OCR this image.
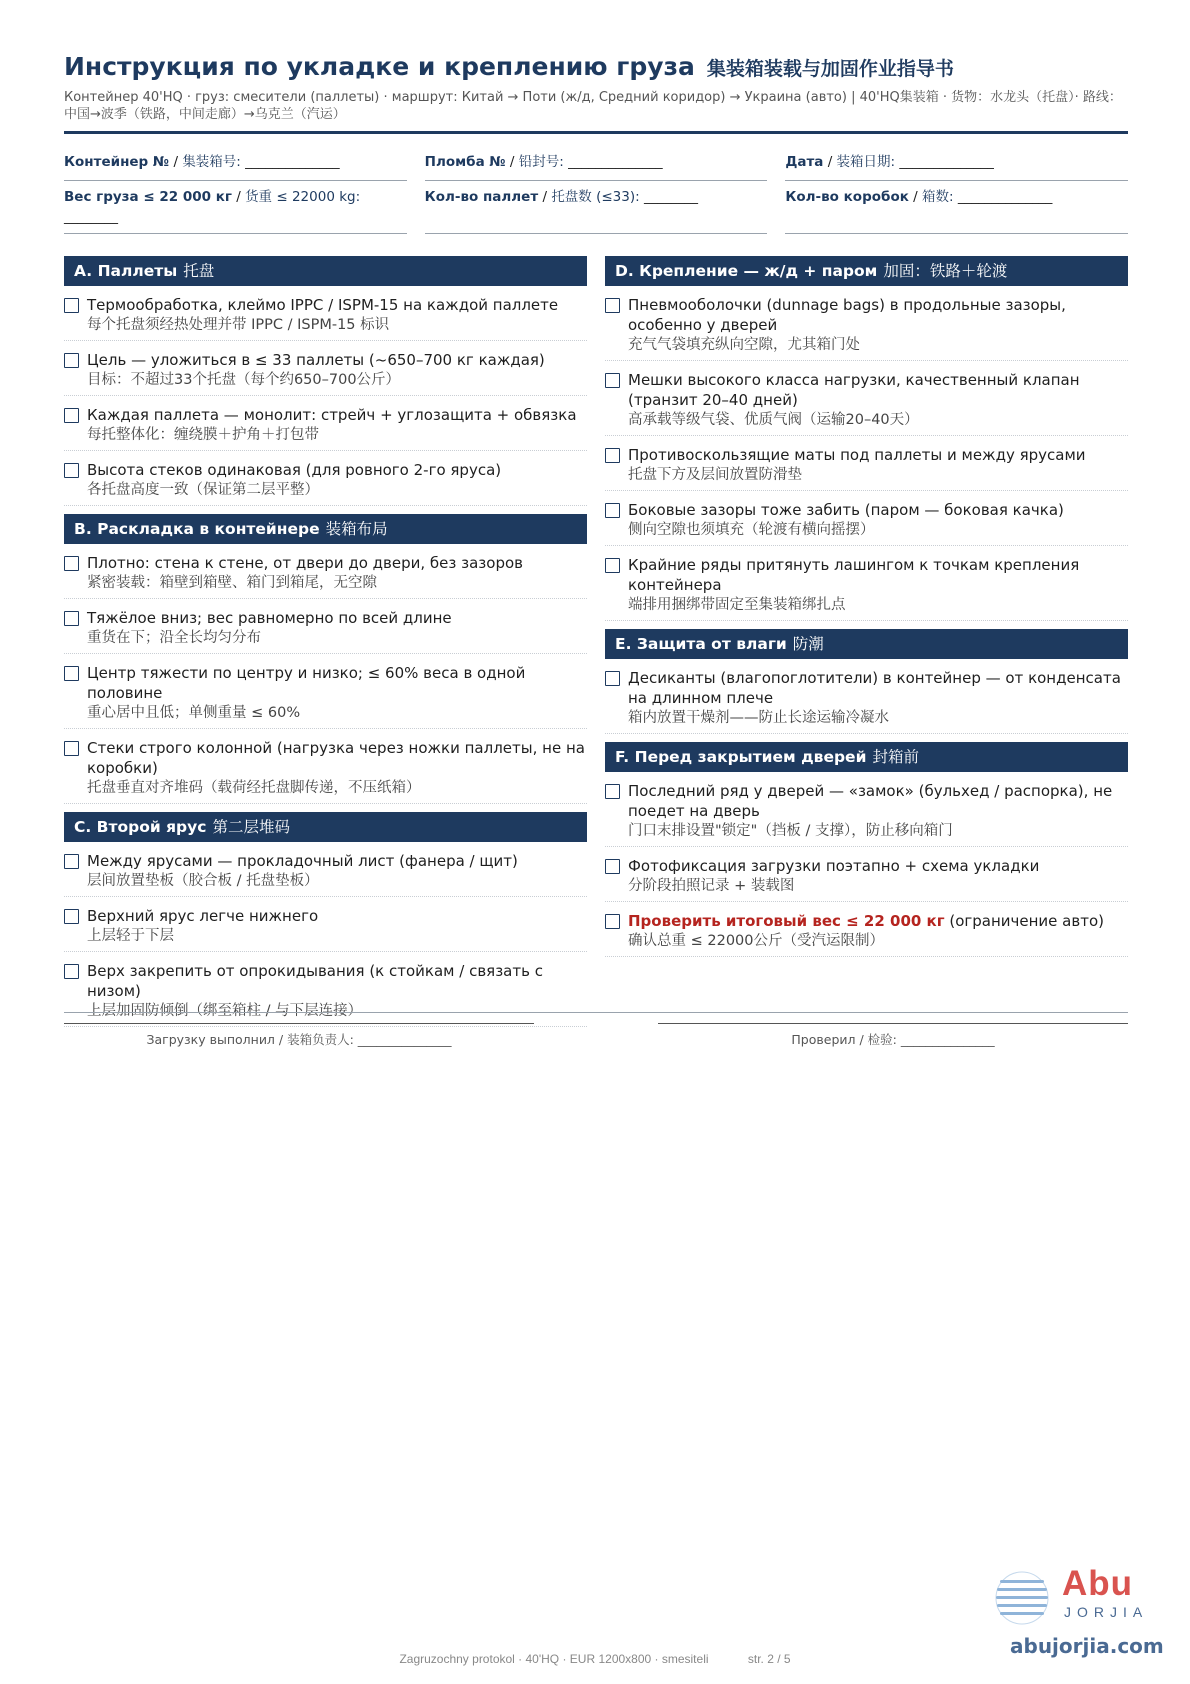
Инструкция по укладке и креплению груза 集装箱装载与加固作业指导书
Контейнер 40'HQ · груз: смесители (паллеты) · маршрут: Китай → Поти (ж/д, Средний коридор) → Украина (авто) | 40'HQ集装箱 · 货物：水龙头（托盘）· 路线：中国→波季（铁路，中间走廊）→乌克兰（汽运）
Контейнер № / 集装箱号: ______________	Пломба № / 铅封号: ______________	Дата / 装箱日期: ______________
Вес груза ≤ 22 000 кг / 货重 ≤ 22000 kg: ________
Кол-во паллет / 托盘数 (≤33): ________	Кол-во коробок / 箱数: ______________
A. Паллеты 托盘
Термообработка, клеймо IPPC / ISPM-15 на каждой паллете
每个托盘须经热处理并带 IPPC / ISPM-15 标识
Цель — уложиться в ≤ 33 паллеты (~650–700 кг каждая)
目标：不超过33个托盘（每个约650–700公斤）
Каждая паллета — монолит: стрейч + углозащита + обвязка
每托整体化：缠绕膜＋护角＋打包带
Высота стеков одинаковая (для ровного 2-го яруса)
各托盘高度一致（保证第二层平整）
B. Раскладка в контейнере 装箱布局
Плотно: стена к стене, от двери до двери, без зазоров
紧密装载：箱壁到箱壁、箱门到箱尾，无空隙
Тяжёлое вниз; вес равномерно по всей длине
重货在下；沿全长均匀分布
Центр тяжести по центру и низко; ≤ 60% веса в одной половине
重心居中且低；单侧重量 ≤ 60%
Стеки строго колонной (нагрузка через ножки паллеты, не на коробки)
托盘垂直对齐堆码（载荷经托盘脚传递，不压纸箱）
C. Второй ярус 第二层堆码
Между ярусами — прокладочный лист (фанера / щит)
层间放置垫板（胶合板 / 托盘垫板）
Верхний ярус легче нижнего
上层轻于下层
Верх закрепить от опрокидывания (к стойкам / связать с низом)
上层加固防倾倒（绑至箱柱 / 与下层连接）
D. Крепление — ж/д + паром 加固：铁路＋轮渡
Пневмооболочки (dunnage bags) в продольные зазоры, особенно у дверей
充气气袋填充纵向空隙，尤其箱门处
Мешки высокого класса нагрузки, качественный клапан (транзит 20–40 дней)
高承载等级气袋、优质气阀（运输20–40天）
Противоскользящие маты под паллеты и между ярусами
托盘下方及层间放置防滑垫
Боковые зазоры тоже забить (паром — боковая качка)
侧向空隙也须填充（轮渡有横向摇摆）
Крайние ряды притянуть лашингом к точкам крепления контейнера
端排用捆绑带固定至集装箱绑扎点
E. Защита от влаги 防潮
Десиканты (влагопоглотители) в контейнер — от конденсата на длинном плече
箱内放置干燥剂——防止长途运输冷凝水
F. Перед закрытием дверей 封箱前
Последний ряд у дверей — «замок» (бульхед / распорка), не поедет на дверь
门口末排设置"锁定"（挡板 / 支撑），防止移向箱门
Фотофиксация загрузки поэтапно + схема укладки
分阶段拍照记录 + 装载图
Проверить итоговый вес ≤ 22 000 кг (ограничение авто)
确认总重 ≤ 22000公斤（受汽运限制）
Загрузку выполнил / 装箱负责人: _______________	Проверил / 检验: _______________
Abu
JORJIA
abujorjia.com
Zagruzochny protokol · 40'HQ · EUR 1200x800 · smesiteli	str. 2 / 5
